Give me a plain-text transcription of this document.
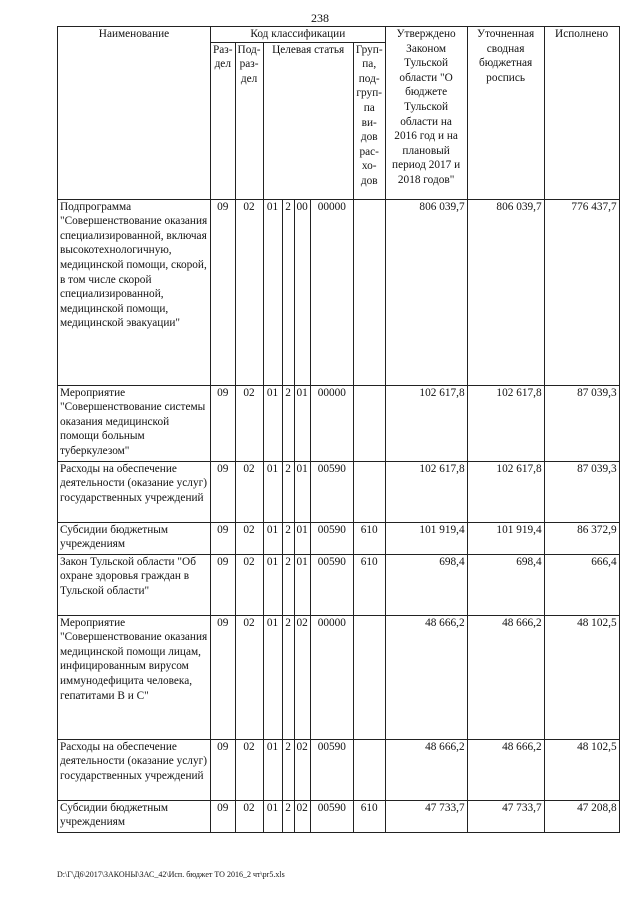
238
Наименование	Код классификации							Утверждено Законом Тульской области "О бюджете Тульской области на 2016 год и на плановый период 2017 и 2018 годов"	Уточненная сводная бюджетная роспись	Исполнено
	Раз-дел	Под-раз-дел	Целевая статья				Груп-па, под-груп-па ви-дов рас-хо-дов			
Подпрограмма "Совершенствование оказания специализированной, включая высокотехнологичную, медицинской помощи, скорой, в том числе скорой специализированной, медицинской помощи, медицинской эвакуации"	09	02	01	2	00	00000		806 039,7	806 039,7	776 437,7
Мероприятие "Совершенствование системы оказания медицинской помощи больным туберкулезом"	09	02	01	2	01	00000		102 617,8	102 617,8	87 039,3
Расходы на обеспечение деятельности (оказание услуг) государственных учреждений	09	02	01	2	01	00590		102 617,8	102 617,8	87 039,3
Субсидии бюджетным учреждениям	09	02	01	2	01	00590	610	101 919,4	101 919,4	86 372,9
Закон Тульской области "Об охране здоровья граждан в Тульской области"	09	02	01	2	01	00590	610	698,4	698,4	666,4
Мероприятие "Совершенствование оказания медицинской помощи лицам, инфицированным вирусом иммунодефицита человека, гепатитами B и C"	09	02	01	2	02	00000		48 666,2	48 666,2	48 102,5
Расходы на обеспечение деятельности (оказание услуг) государственных учреждений	09	02	01	2	02	00590		48 666,2	48 666,2	48 102,5
Субсидии бюджетным учреждениям	09	02	01	2	02	00590	610	47 733,7	47 733,7	47 208,8
D:\Г\Д6\2017\ЗАКОНЫ\ЗАС_42\Исп. бюджет ТО 2016_2 чт\pr5.xls
